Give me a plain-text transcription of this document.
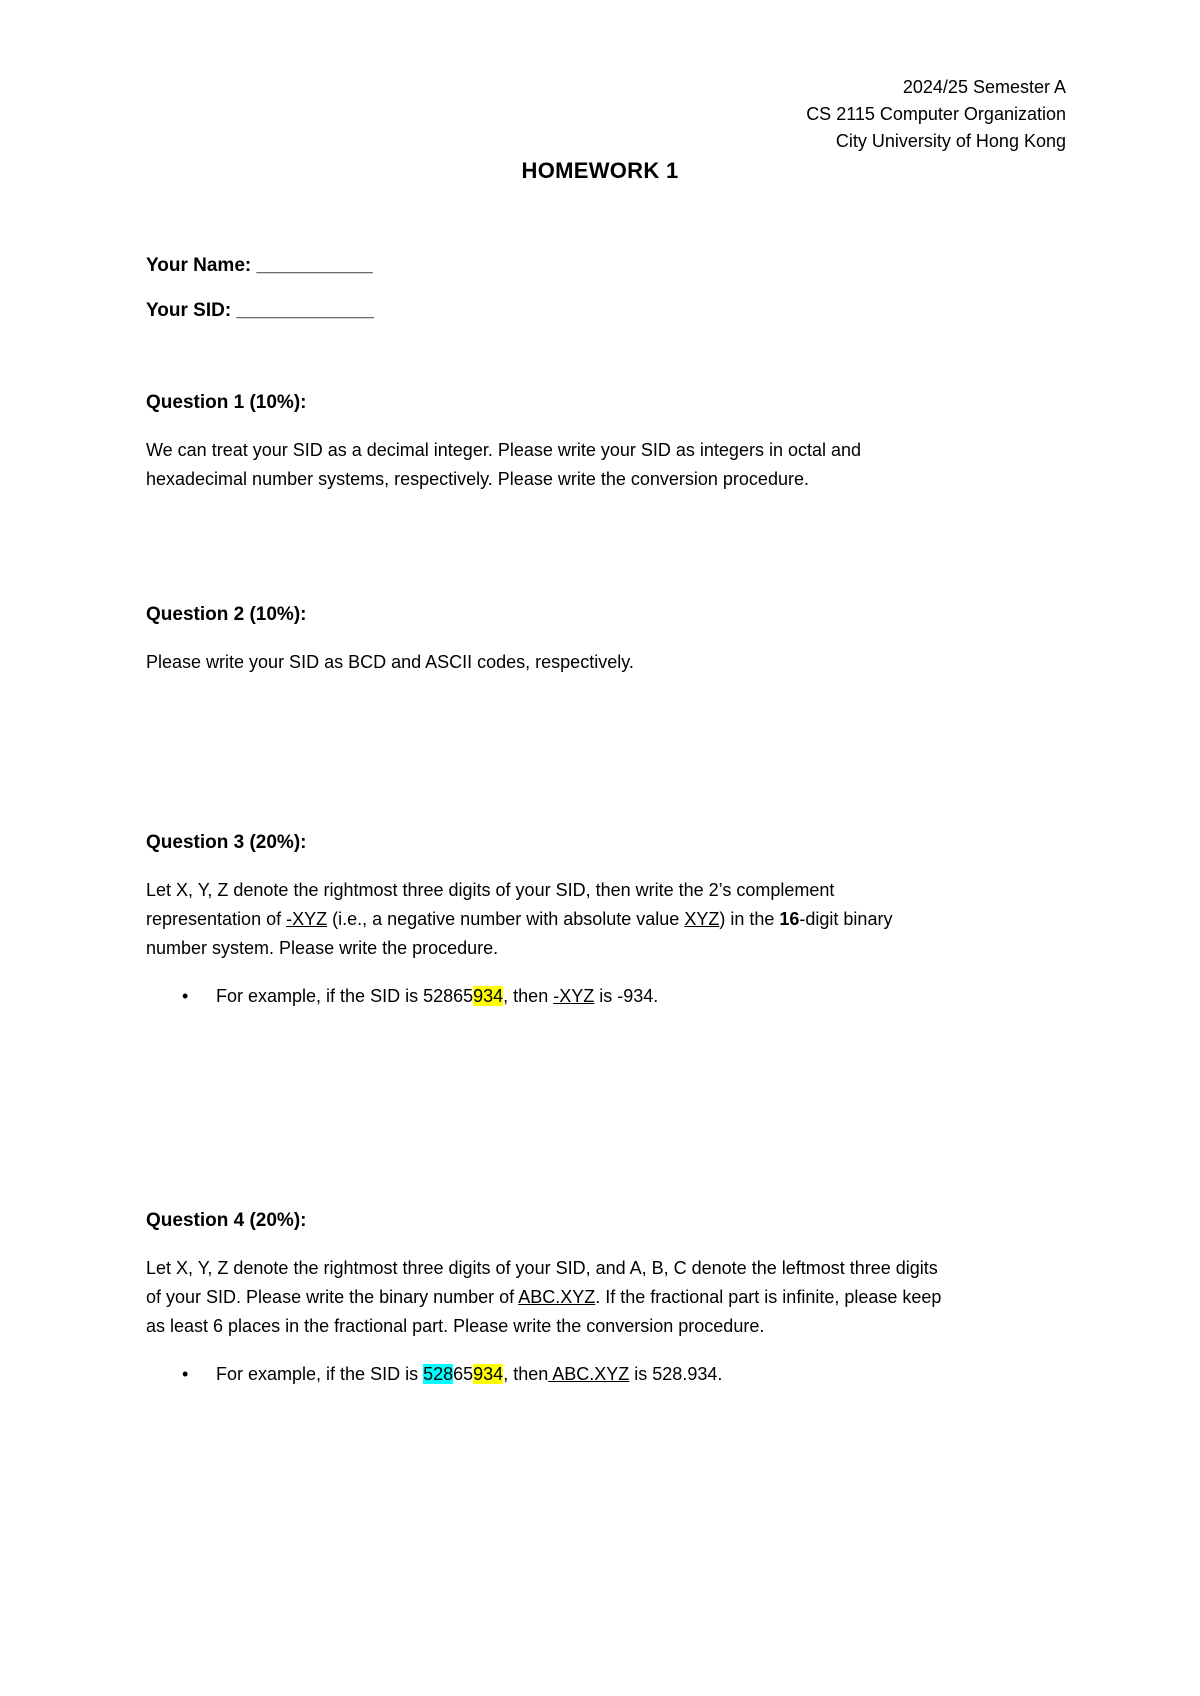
2024/25 Semester A
CS 2115 Computer Organization
City University of Hong Kong
HOMEWORK 1
Your Name: ___________
Your SID: _____________
Question 1 (10%):
We can treat your SID as a decimal integer. Please write your SID as integers in octal and
hexadecimal number systems, respectively. Please write the conversion procedure.
Question 2 (10%):
Please write your SID as BCD and ASCII codes, respectively.
Question 3 (20%):
Let X, Y, Z denote the rightmost three digits of your SID, then write the 2’s complement
representation of -XYZ (i.e., a negative number with absolute value XYZ) in the 16-digit binary
number system. Please write the procedure.
• For example, if the SID is 52865934, then -XYZ is -934.
Question 4 (20%):
Let X, Y, Z denote the rightmost three digits of your SID, and A, B, C denote the leftmost three digits
of your SID. Please write the binary number of ABC.XYZ. If the fractional part is infinite, please keep
as least 6 places in the fractional part. Please write the conversion procedure.
• For example, if the SID is 52865934, then ABC.XYZ is 528.934.
